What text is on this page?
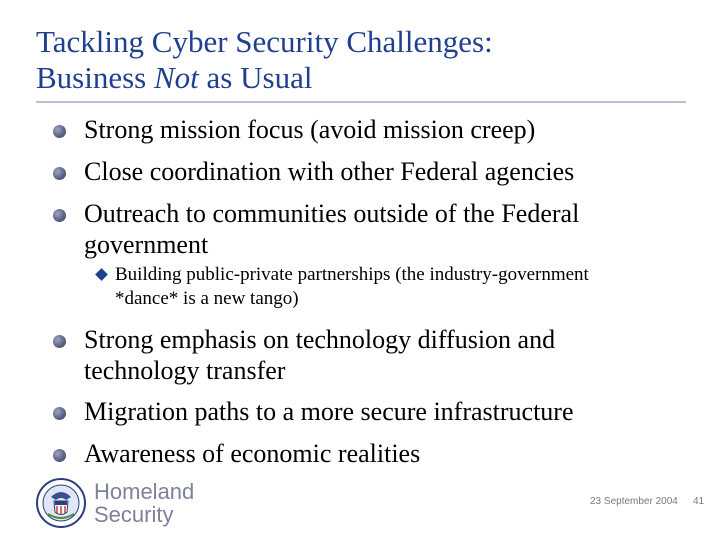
Tackling Cyber Security Challenges:
Business Not as Usual
Strong mission focus (avoid mission creep)
Close coordination with other Federal agencies
Outreach to communities outside of the Federal government
Building public-private partnerships (the industry-government *dance* is a new tango)
Strong emphasis on technology diffusion and technology transfer
Migration paths to a more secure infrastructure
Awareness of economic realities
Homeland
Security
23 September 2004 41
